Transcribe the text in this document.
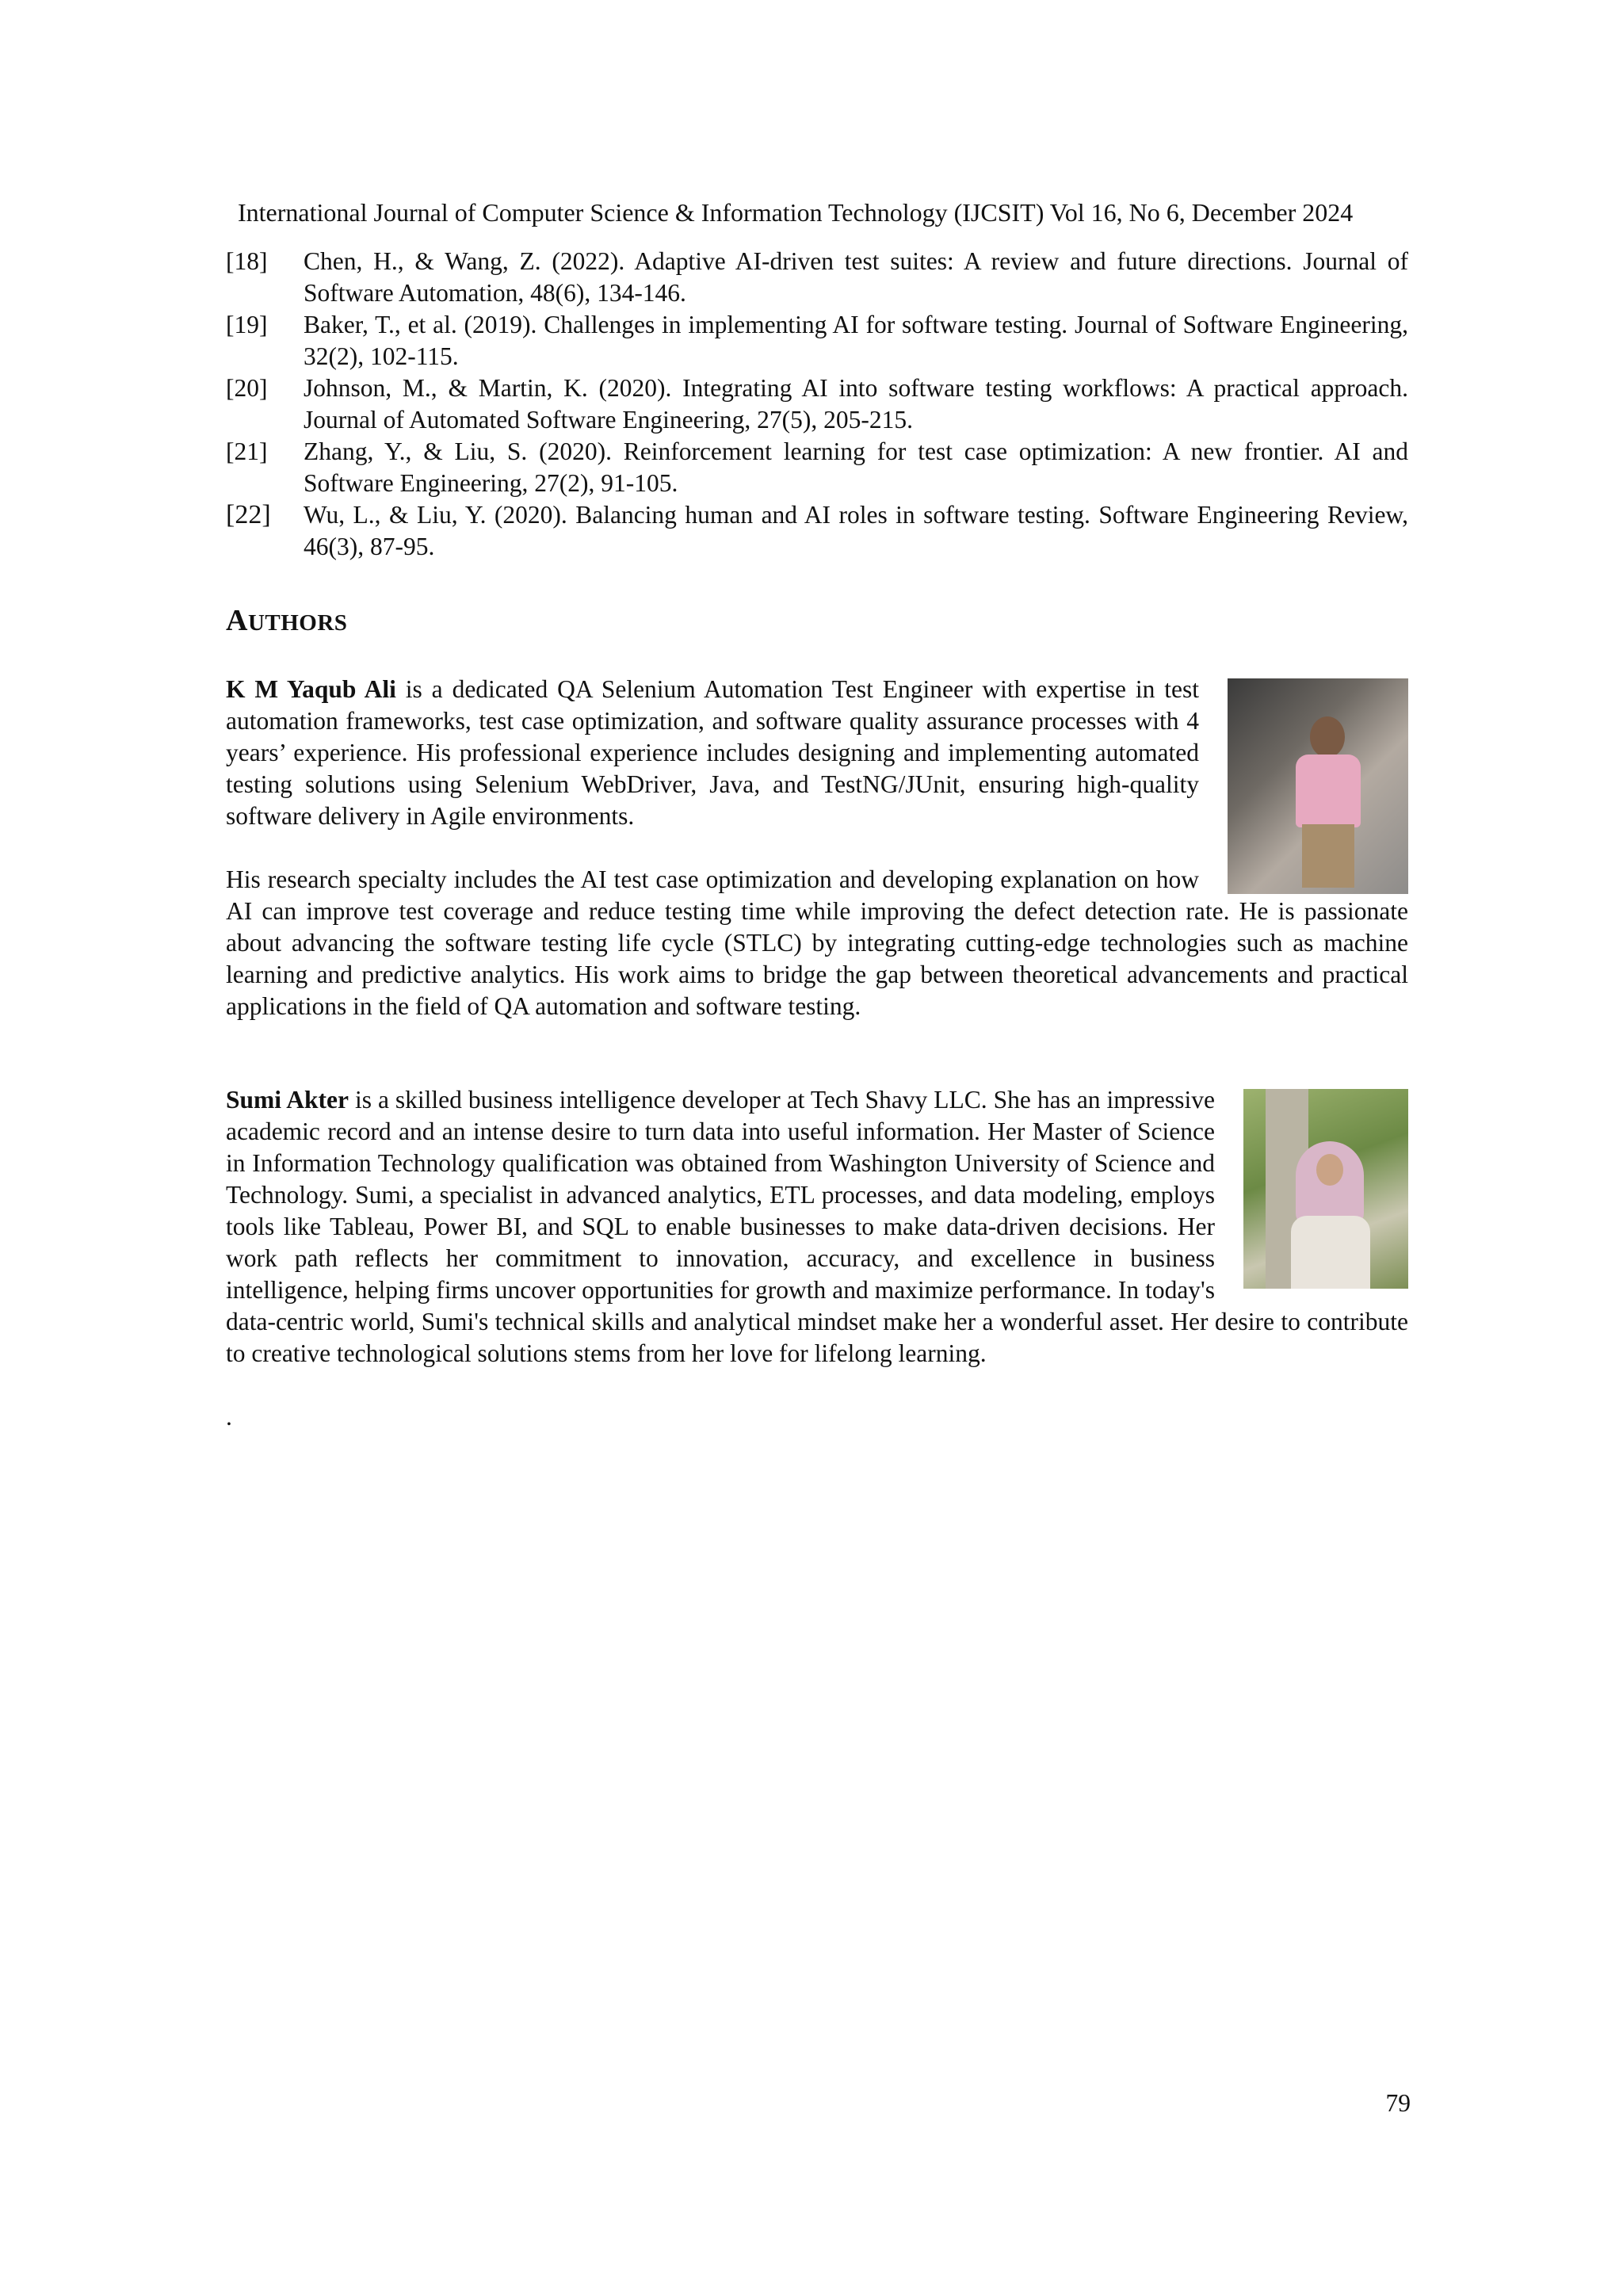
International Journal of Computer Science & Information Technology (IJCSIT) Vol 16, No 6, December 2024
[18]	Chen, H., & Wang, Z. (2022). Adaptive AI-driven test suites: A review and future directions. Journal of Software Automation, 48(6), 134-146.
[19]	Baker, T., et al. (2019). Challenges in implementing AI for software testing. Journal of Software Engineering, 32(2), 102-115.
[20]	Johnson, M., & Martin, K. (2020). Integrating AI into software testing workflows: A practical approach. Journal of Automated Software Engineering, 27(5), 205-215.
[21]	Zhang, Y., & Liu, S. (2020). Reinforcement learning for test case optimization: A new frontier. AI and Software Engineering, 27(2), 91-105.
[22]	Wu, L., & Liu, Y. (2020). Balancing human and AI roles in software testing. Software Engineering Review, 46(3), 87-95.
AUTHORS

K M Yaqub Ali is a dedicated QA Selenium Automation Test Engineer with expertise in test automation frameworks, test case optimization, and software quality assurance processes with 4 years’ experience. His professional experience includes designing and implementing automated testing solutions using Selenium WebDriver, Java, and TestNG/JUnit, ensuring high-quality software delivery in Agile environments.

His research specialty includes the AI test case optimization and developing explanation on how AI can improve test coverage and reduce testing time while improving the defect detection rate. He is passionate about advancing the software testing life cycle (STLC) by integrating cutting-edge technologies such as machine learning and predictive analytics. His work aims to bridge the gap between theoretical advancements and practical applications in the field of QA automation and software testing.

Sumi Akter is a skilled business intelligence developer at Tech Shavy LLC. She has an impressive academic record and an intense desire to turn data into useful information. Her Master of Science in Information Technology qualification was obtained from Washington University of Science and Technology. Sumi, a specialist in advanced analytics, ETL processes, and data modeling, employs tools like Tableau, Power BI, and SQL to enable businesses to make data-driven decisions. Her work path reflects her commitment to innovation, accuracy, and excellence in business intelligence, helping firms uncover opportunities for growth and maximize performance. In today's data-centric world, Sumi's technical skills and analytical mindset make her a wonderful asset. Her desire to contribute to creative technological solutions stems from her love for lifelong learning.

.
79
